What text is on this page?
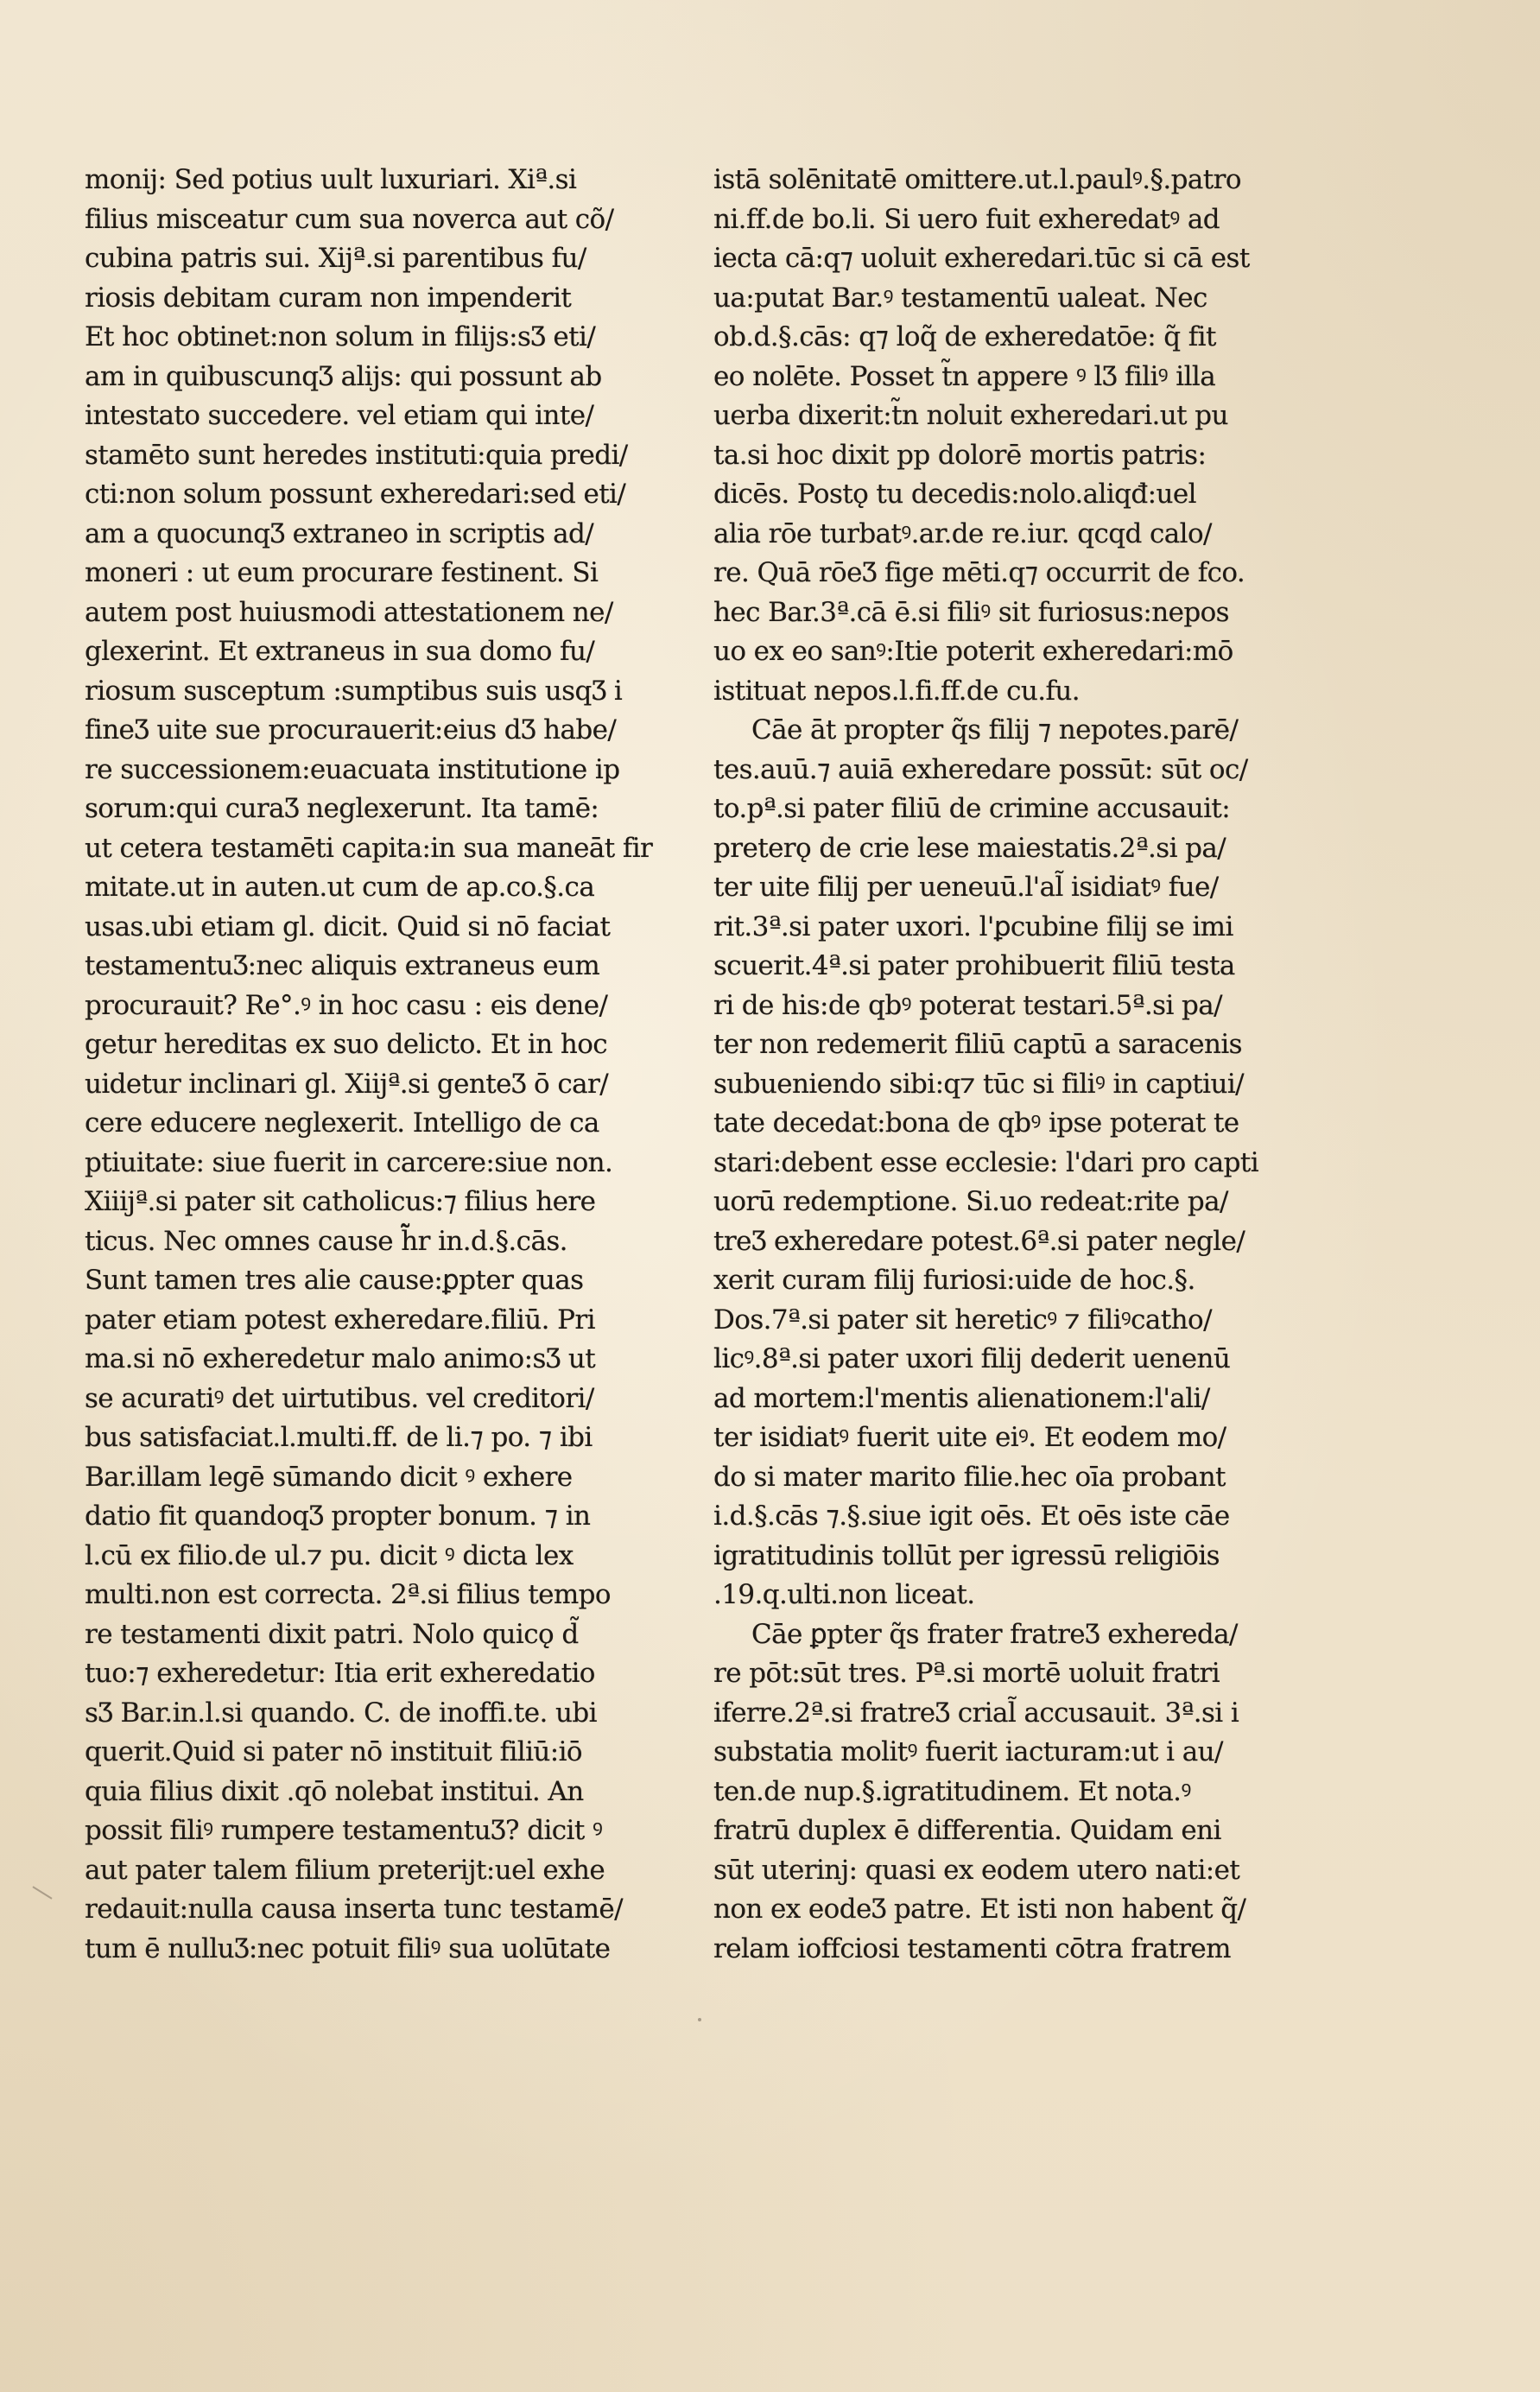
monij: Sed potius uult luxuriari. Xiª.si
filius misceatur cum sua noverca aut cõ/
cubina patris sui. Xijª.si parentibus fu/
riosis debitam curam non impenderit
Et hoc obtinet:non solum in filijs:sƷ eti/
am in quibuscunqƷ alijs: qui possunt ab
intestato succedere. vel etiam qui inte/
stamēto sunt heredes instituti:quia predi/
cti:non solum possunt exheredari:sed eti/
am a quocunqƷ extraneo in scriptis ad/
moneri : ut eum procurare festinent. Si
autem post huiusmodi attestationem ne/
glexerint. Et extraneus in sua domo fu/
riosum susceptum :sumptibus suis usqƷ i
fineƷ uite sue procurauerit:eius dƷ habe/
re successionem:euacuata institutione ip
sorum:qui curaƷ neglexerunt. Ita tamē:
ut cetera testamēti capita:in sua maneāt fir
mitate.ut in auten.ut cum de ap.co.§.ca
usas.ubi etiam gl. dicit. Quid si nō faciat
testamentuƷ:nec aliquis extraneus eum
procurauit? Re°.ꝰ in hoc casu : eis dene/
getur hereditas ex suo delicto. Et in hoc
uidetur inclinari gl. Xiijª.si genteƷ ō car/
cere educere neglexerit. Intelligo de ca
ptiuitate: siue fuerit in carcere:siue non.
Xiiijª.si pater sit catholicus:⁊ filius here
ticus. Nec omnes cause h̃̃r in.d.§.cās.
Sunt tamen tres alie cause:ꝑpter quas
pater etiam potest exheredare.filiū. Pri
ma.si nō exheredetur malo animo:sƷ ut
se acuratiꝰ det uirtutibus. vel creditori/
bus satisfaciat.l.multi.ff. de li.⁊ po. ⁊ ibi
Bar.illam legē sūmando dicit ꝰ exhere
datio fit quandoqƷ propter bonum. ⁊ in
l.cū ex filio.de ul.⁊ pu. dicit ꝰ dicta lex
multi.non est correcta. 2ª.si filius tempo
re testamenti dixit patri. Nolo quicǫ d̃
tuo:⁊ exheredetur: Itia erit exheredatio
sƷ Bar.in.l.si quando. C. de inoffi.te. ubi
querit.Quid si pater nō instituit filiū:iō
quia filius dixit .qō nolebat institui. An
possit filiꝰ rumpere testamentuƷ? dicit ꝰ
aut pater talem filium preterijt:uel exhe
redauit:nulla causa inserta tunc testamē/
tum ē nulluƷ:nec potuit filiꝰ sua uolūtate
istā solēnitatē omittere.ut.l.paulꝰ.§.patro
ni.ff.de bo.li. Si uero fuit exheredatꝰ ad
iecta cā:q⁊ uoluit exheredari.tūc si cā est
ua:putat Bar.ꝰ testamentū ualeat. Nec
ob.d.§.cās: q⁊ loq̃ de exheredatōe: q̃ fit
eo nolēte. Posset t̃n appere ꝰ lƷ filiꝰ illa
uerba dixerit:t̃n noluit exheredari.ut pu
ta.si hoc dixit pp dolorē mortis patris:
dicēs. Postǫ tu decedis:nolo.aliqđ:uel
alia rōe turbatꝰ.ar.de re.iur. qcqd calo/
re. Quā rōeƷ fige mēti.q⁊ occurrit de fco.
hec Bar.3ª.cā ē.si filiꝰ sit furiosus:nepos
uo ex eo sanꝰ:Itie poterit exheredari:mō
istituat nepos.l.fi.ff.de cu.fu.
Cāe āt propter q̃s filij ⁊ nepotes.parē/
tes.auū.⁊ auiā exheredare possūt: sūt oc/
to.pª.si pater filiū de crimine accusauit:
preterǫ de crie lese maiestatis.2ª.si pa/
ter uite filij per ueneuū.l'al̃ isidiatꝰ fue/
rit.3ª.si pater uxori. l'ꝑcubine filij se imi
scuerit.4ª.si pater prohibuerit filiū testa
ri de his:de qbꝰ poterat testari.5ª.si pa/
ter non redemerit filiū captū a saracenis
subueniendo sibi:q⁊ tūc si filiꝰ in captiui/
tate decedat:bona de qbꝰ ipse poterat te
stari:debent esse ecclesie: l'dari pro capti
uorū redemptione. Si.uo redeat:rite pa/
treƷ exheredare potest.6ª.si pater negle/
xerit curam filij furiosi:uide de hoc.§.
Dos.7ª.si pater sit hereticꝰ ⁊ filiꝰcatho/
licꝰ.8ª.si pater uxori filij dederit uenenū
ad mortem:l'mentis alienationem:l'ali/
ter isidiatꝰ fuerit uite eiꝰ. Et eodem mo/
do si mater marito filie.hec oīa probant
i.d.§.cās ⁊.§.siue igit oēs. Et oēs iste cāe
igratitudinis tollūt per igressū religiōis
.19.q.ulti.non liceat.
Cāe ꝑpter q̃s frater fratreƷ exhereda/
re pōt:sūt tres. Pª.si mortē uoluit fratri
iferre.2ª.si fratreƷ crial̃ accusauit. 3ª.si i
substatia molitꝰ fuerit iacturam:ut i au/
ten.de nup.§.igratitudinem. Et nota.ꝰ
fratrū duplex ē differentia. Quidam eni
sūt uterinj: quasi ex eodem utero nati:et
non ex eodeƷ patre. Et isti non habent q̃/
relam ioffciosi testamenti cōtra fratrem
